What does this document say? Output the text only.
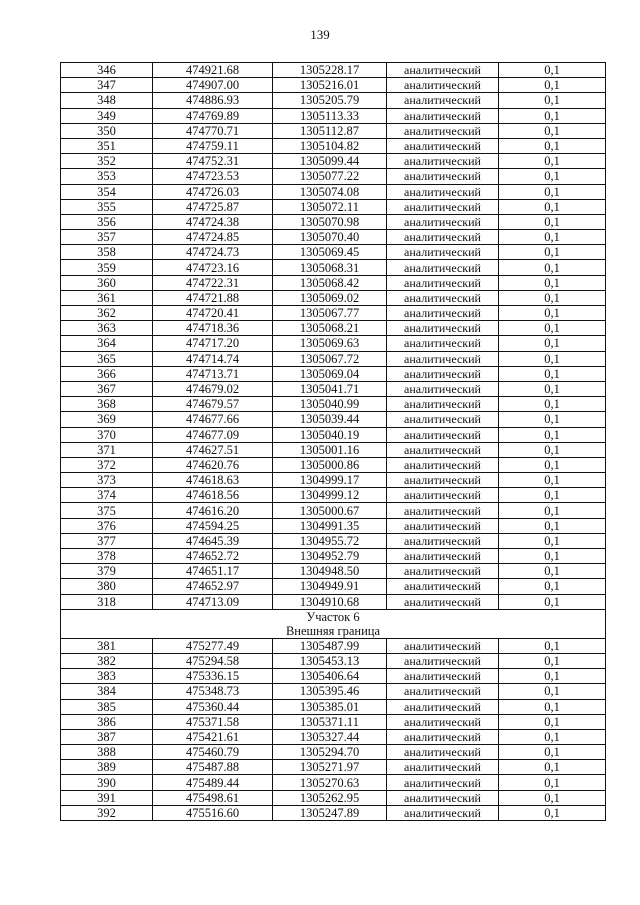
139
346	474921.68	1305228.17	аналитический	0,1
347	474907.00	1305216.01	аналитический	0,1
348	474886.93	1305205.79	аналитический	0,1
349	474769.89	1305113.33	аналитический	0,1
350	474770.71	1305112.87	аналитический	0,1
351	474759.11	1305104.82	аналитический	0,1
352	474752.31	1305099.44	аналитический	0,1
353	474723.53	1305077.22	аналитический	0,1
354	474726.03	1305074.08	аналитический	0,1
355	474725.87	1305072.11	аналитический	0,1
356	474724.38	1305070.98	аналитический	0,1
357	474724.85	1305070.40	аналитический	0,1
358	474724.73	1305069.45	аналитический	0,1
359	474723.16	1305068.31	аналитический	0,1
360	474722.31	1305068.42	аналитический	0,1
361	474721.88	1305069.02	аналитический	0,1
362	474720.41	1305067.77	аналитический	0,1
363	474718.36	1305068.21	аналитический	0,1
364	474717.20	1305069.63	аналитический	0,1
365	474714.74	1305067.72	аналитический	0,1
366	474713.71	1305069.04	аналитический	0,1
367	474679.02	1305041.71	аналитический	0,1
368	474679.57	1305040.99	аналитический	0,1
369	474677.66	1305039.44	аналитический	0,1
370	474677.09	1305040.19	аналитический	0,1
371	474627.51	1305001.16	аналитический	0,1
372	474620.76	1305000.86	аналитический	0,1
373	474618.63	1304999.17	аналитический	0,1
374	474618.56	1304999.12	аналитический	0,1
375	474616.20	1305000.67	аналитический	0,1
376	474594.25	1304991.35	аналитический	0,1
377	474645.39	1304955.72	аналитический	0,1
378	474652.72	1304952.79	аналитический	0,1
379	474651.17	1304948.50	аналитический	0,1
380	474652.97	1304949.91	аналитический	0,1
318	474713.09	1304910.68	аналитический	0,1

Участок 6
Внешняя граница				

381	475277.49	1305487.99	аналитический	0,1
382	475294.58	1305453.13	аналитический	0,1
383	475336.15	1305406.64	аналитический	0,1
384	475348.73	1305395.46	аналитический	0,1
385	475360.44	1305385.01	аналитический	0,1
386	475371.58	1305371.11	аналитический	0,1
387	475421.61	1305327.44	аналитический	0,1
388	475460.79	1305294.70	аналитический	0,1
389	475487.88	1305271.97	аналитический	0,1
390	475489.44	1305270.63	аналитический	0,1
391	475498.61	1305262.95	аналитический	0,1
392	475516.60	1305247.89	аналитический	0,1
